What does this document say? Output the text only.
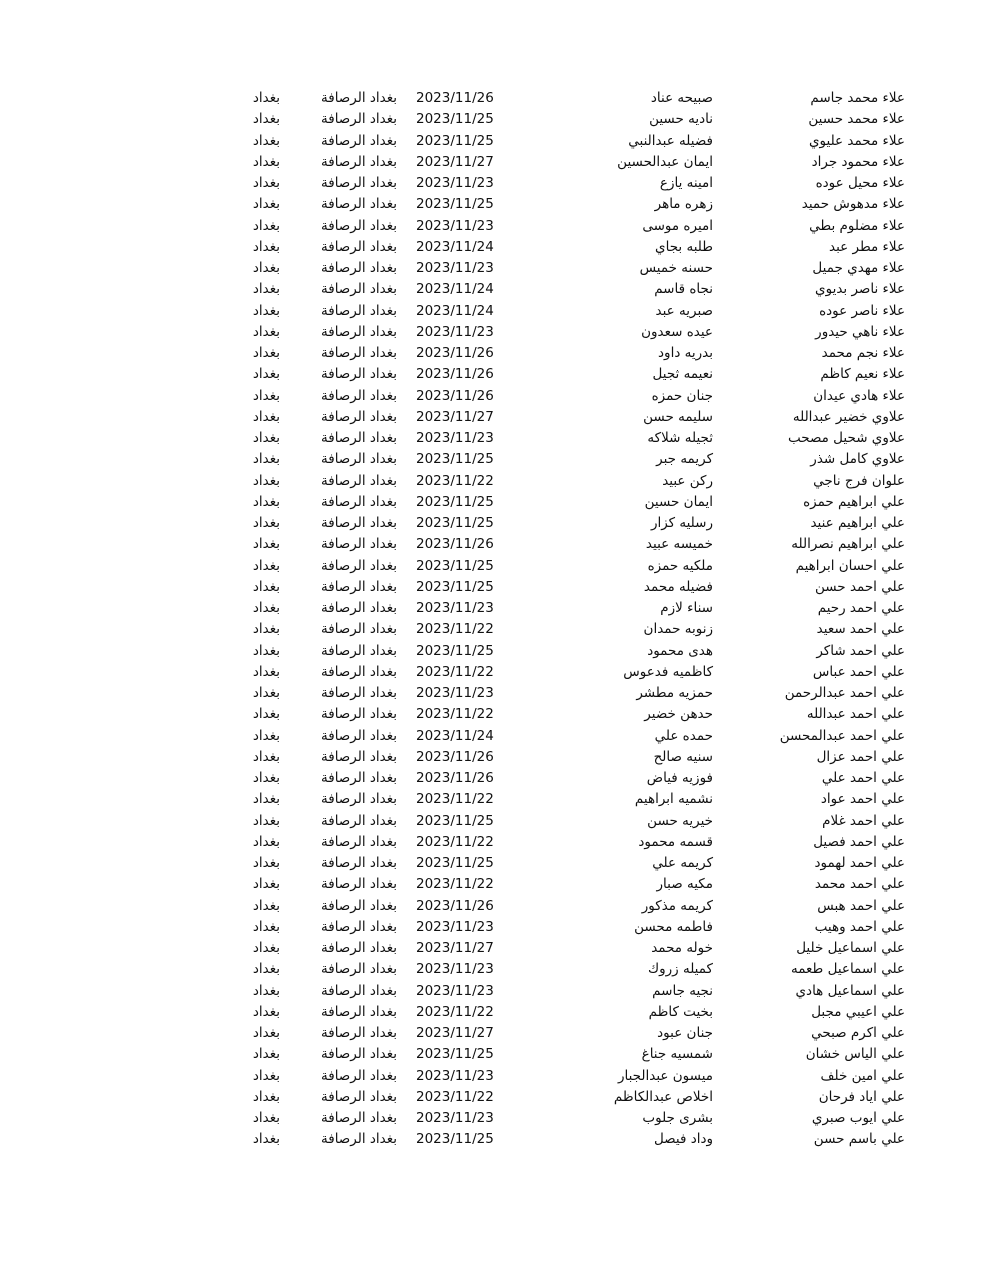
علاء محمد جاسم
صبيحه عناد
2023/11/26
بغداد الرصافة
بغداد
علاء محمد حسين
ناديه حسين
2023/11/25
بغداد الرصافة
بغداد
علاء محمد عليوي
فضيله عبدالنبي
2023/11/25
بغداد الرصافة
بغداد
علاء محمود جراد
ايمان عبدالحسين
2023/11/27
بغداد الرصافة
بغداد
علاء محيل عوده
امينه يازع
2023/11/23
بغداد الرصافة
بغداد
علاء مدهوش حميد
زهره ماهر
2023/11/25
بغداد الرصافة
بغداد
علاء مضلوم بطي
اميره موسى
2023/11/23
بغداد الرصافة
بغداد
علاء مطر عبد
طلبه بجاي
2023/11/24
بغداد الرصافة
بغداد
علاء مهدي جميل
حسنه خميس
2023/11/23
بغداد الرصافة
بغداد
علاء ناصر بديوي
نجاه قاسم
2023/11/24
بغداد الرصافة
بغداد
علاء ناصر عوده
صبريه عبد
2023/11/24
بغداد الرصافة
بغداد
علاء ناهي حيدور
عيده سعدون
2023/11/23
بغداد الرصافة
بغداد
علاء نجم محمد
بدريه داود
2023/11/26
بغداد الرصافة
بغداد
علاء نعيم كاظم
نعيمه ثجيل
2023/11/26
بغداد الرصافة
بغداد
علاء هادي عيدان
جنان حمزه
2023/11/26
بغداد الرصافة
بغداد
علاوي خضير عبدالله
سليمه حسن
2023/11/27
بغداد الرصافة
بغداد
علاوي شحيل مصحب
ثجيله شلاكه
2023/11/23
بغداد الرصافة
بغداد
علاوي كامل شذر
كريمه جبر
2023/11/25
بغداد الرصافة
بغداد
علوان فرج ناجي
ركن عبيد
2023/11/22
بغداد الرصافة
بغداد
علي ابراهيم حمزه
ايمان حسين
2023/11/25
بغداد الرصافة
بغداد
علي ابراهيم عنيد
رسليه كزار
2023/11/25
بغداد الرصافة
بغداد
علي ابراهيم نصرالله
خميسه عبيد
2023/11/26
بغداد الرصافة
بغداد
علي احسان ابراهيم
ملكيه حمزه
2023/11/25
بغداد الرصافة
بغداد
علي احمد حسن
فضيله محمد
2023/11/25
بغداد الرصافة
بغداد
علي احمد رحيم
سناء لازم
2023/11/23
بغداد الرصافة
بغداد
علي احمد سعيد
زنوبه حمدان
2023/11/22
بغداد الرصافة
بغداد
علي احمد شاكر
هدى محمود
2023/11/25
بغداد الرصافة
بغداد
علي احمد عباس
كاظميه فدعوس
2023/11/22
بغداد الرصافة
بغداد
علي احمد عبدالرحمن
حمزيه مطشر
2023/11/23
بغداد الرصافة
بغداد
علي احمد عبدالله
حدهن خضير
2023/11/22
بغداد الرصافة
بغداد
علي احمد عبدالمحسن
حمده علي
2023/11/24
بغداد الرصافة
بغداد
علي احمد عزال
سنيه صالح
2023/11/26
بغداد الرصافة
بغداد
علي احمد علي
فوزيه فياض
2023/11/26
بغداد الرصافة
بغداد
علي احمد عواد
نشميه ابراهيم
2023/11/22
بغداد الرصافة
بغداد
علي احمد غلام
خيريه حسن
2023/11/25
بغداد الرصافة
بغداد
علي احمد فصيل
قسمه محمود
2023/11/22
بغداد الرصافة
بغداد
علي احمد لهمود
كريمه علي
2023/11/25
بغداد الرصافة
بغداد
علي احمد محمد
مكيه صبار
2023/11/22
بغداد الرصافة
بغداد
علي احمد هبس
كريمه مذكور
2023/11/26
بغداد الرصافة
بغداد
علي احمد وهيب
فاطمه محسن
2023/11/23
بغداد الرصافة
بغداد
علي اسماعيل خليل
خوله محمد
2023/11/27
بغداد الرصافة
بغداد
علي اسماعيل طعمه
كميله زروك
2023/11/23
بغداد الرصافة
بغداد
علي اسماعيل هادي
نجيه جاسم
2023/11/23
بغداد الرصافة
بغداد
علي اعيبي مجبل
بخيت كاظم
2023/11/22
بغداد الرصافة
بغداد
علي اكرم صبحي
جنان عبود
2023/11/27
بغداد الرصافة
بغداد
علي الياس خشان
شمسيه جناغ
2023/11/25
بغداد الرصافة
بغداد
علي امين خلف
ميسون عبدالجبار
2023/11/23
بغداد الرصافة
بغداد
علي اياد فرحان
اخلاص عبدالكاظم
2023/11/22
بغداد الرصافة
بغداد
علي ايوب صبري
بشرى جلوب
2023/11/23
بغداد الرصافة
بغداد
علي باسم حسن
وداد فيصل
2023/11/25
بغداد الرصافة
بغداد
